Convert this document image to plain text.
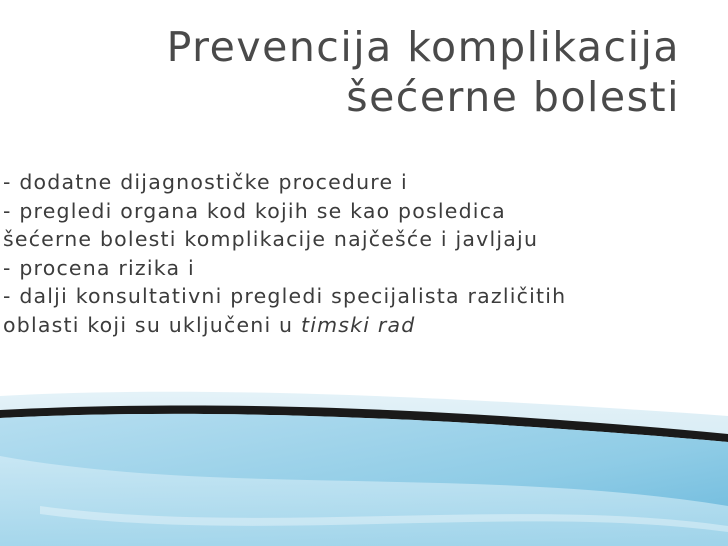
Prevencija komplikacija
šećerne bolesti
- dodatne dijagnostičke procedure i
- pregledi organa kod kojih se kao posledica
šećerne bolesti komplikacije najčešće i javljaju
- procena rizika i
- dalji konsultativni pregledi specijalista različitih
oblasti koji su uključeni u timski rad
